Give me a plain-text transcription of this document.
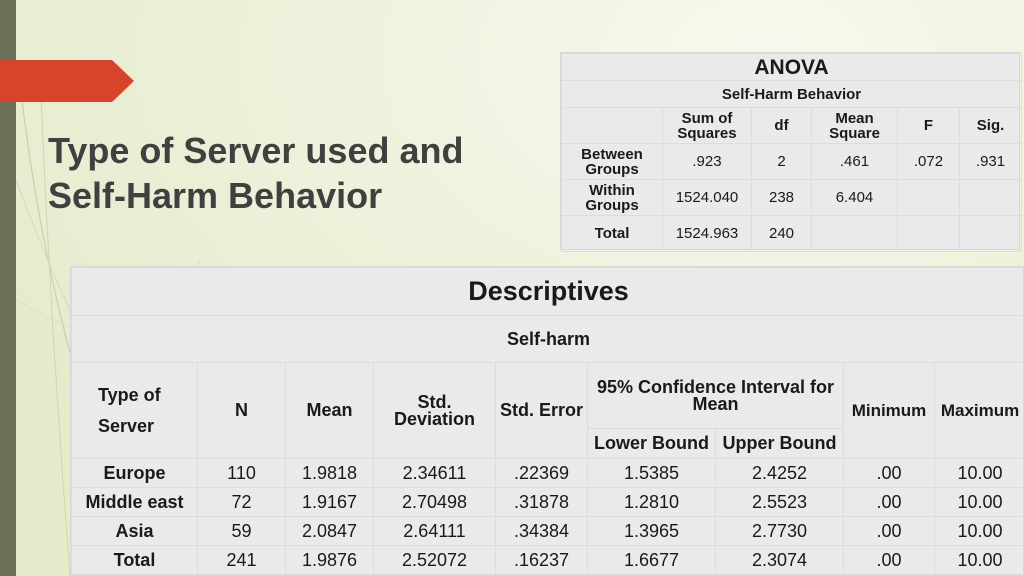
Type of Server used and
Self-Harm Behavior
ANOVA					
Self-Harm Behavior					
	Sum of Squares	df	Mean Square	F	Sig.
Between Groups	.923	2	.461	.072	.931
Within Groups	1524.040	238	6.404		
Total	1524.963	240			
Descriptives								
Self-harm								
Type of Server	N	Mean	Std. Deviation	Std. Error	95% Confidence Interval for Mean		Minimum	Maximum
					Lower Bound	Upper Bound		
Europe	110	1.9818	2.34611	.22369	1.5385	2.4252	.00	10.00
Middle east	72	1.9167	2.70498	.31878	1.2810	2.5523	.00	10.00
Asia	59	2.0847	2.64111	.34384	1.3965	2.7730	.00	10.00
Total	241	1.9876	2.52072	.16237	1.6677	2.3074	.00	10.00
